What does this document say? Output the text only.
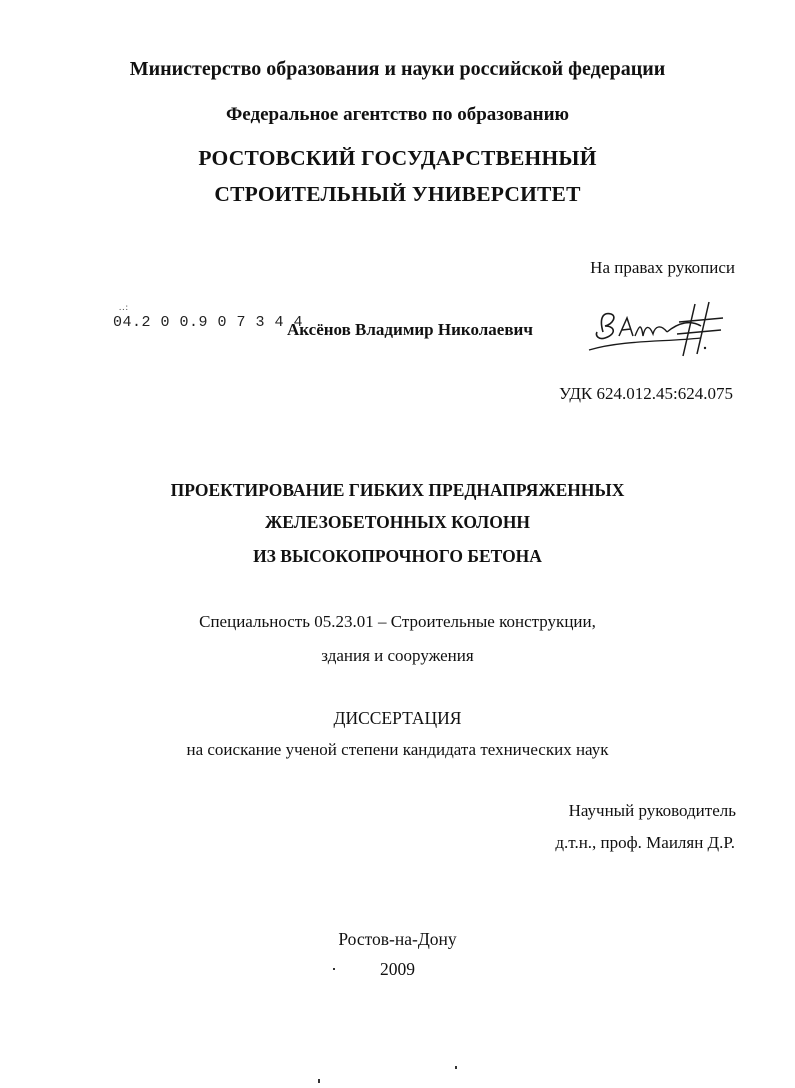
Министерство образования и науки российской федерации
Федеральное агентство по образованию
РОСТОВСКИЙ ГОСУДАРСТВЕННЫЙ
СТРОИТЕЛЬНЫЙ УНИВЕРСИТЕТ
На правах рукописи
..:
04.2 0 0.9 0 7 3 4 4
Аксёнов Владимир Николаевич
УДК 624.012.45:624.075
ПРОЕКТИРОВАНИЕ ГИБКИХ ПРЕДНАПРЯЖЕННЫХ
ЖЕЛЕЗОБЕТОННЫХ КОЛОНН
ИЗ ВЫСОКОПРОЧНОГО БЕТОНА
Специальность 05.23.01 – Строительные конструкции,
здания и сооружения
ДИССЕРТАЦИЯ
на соискание ученой степени кандидата технических наук
Научный руководитель
д.т.н., проф. Маилян Д.Р.
Ростов-на-Дону
2009
